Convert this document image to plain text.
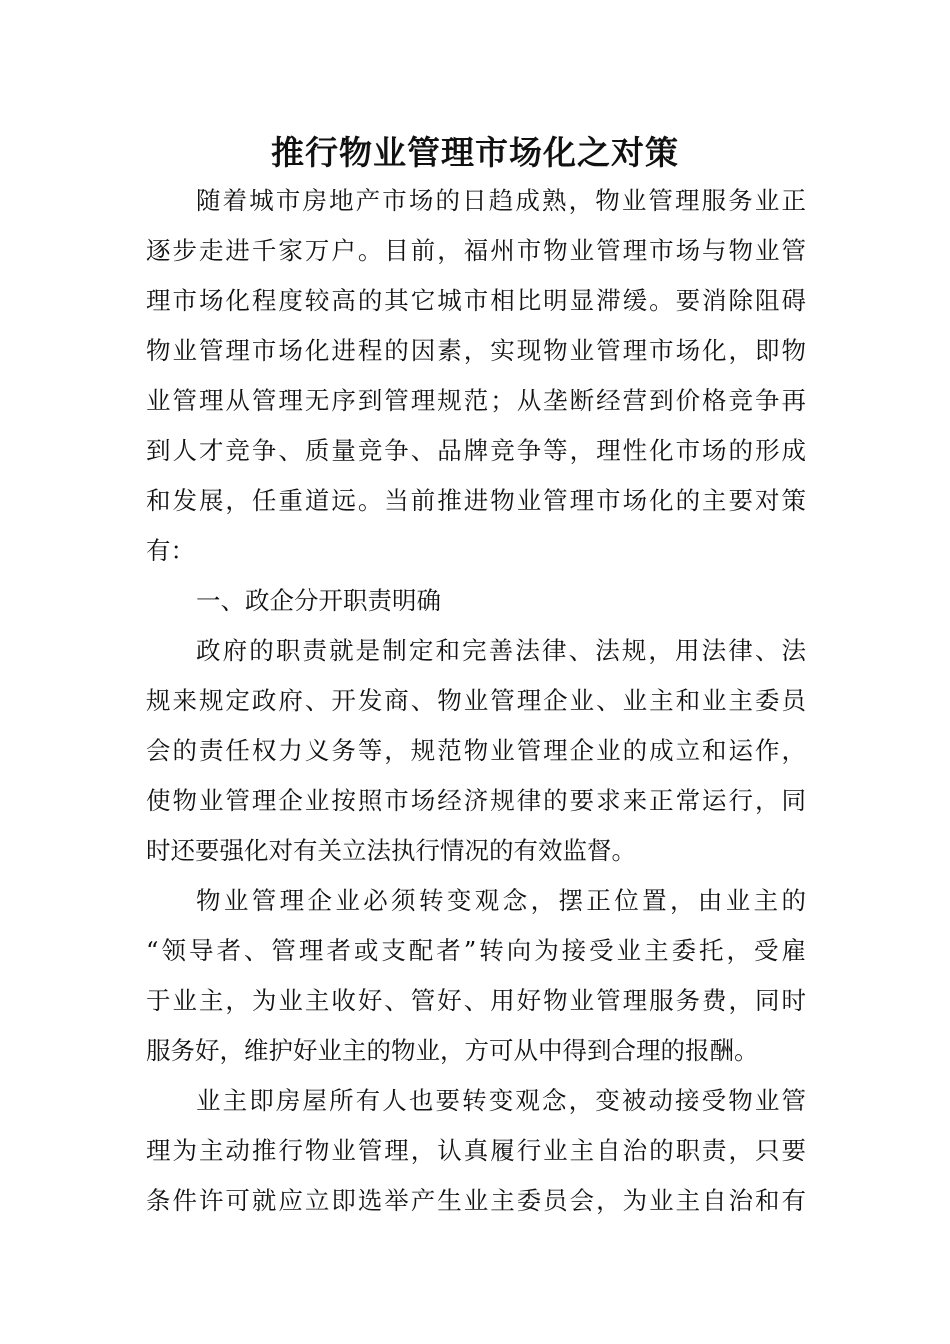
推行物业管理市场化之对策

随着城市房地产市场的日趋成熟，物业管理服务业正

逐步走进千家万户。目前，福州市物业管理市场与物业管

理市场化程度较高的其它城市相比明显滞缓。要消除阻碍

物业管理市场化进程的因素，实现物业管理市场化，即物

业管理从管理无序到管理规范；从垄断经营到价格竞争再

到人才竞争、质量竞争、品牌竞争等，理性化市场的形成

和发展，任重道远。当前推进物业管理市场化的主要对策

有：

一、政企分开职责明确

政府的职责就是制定和完善法律、法规，用法律、法

规来规定政府、开发商、物业管理企业、业主和业主委员

会的责任权力义务等，规范物业管理企业的成立和运作，

使物业管理企业按照市场经济规律的要求来正常运行，同

时还要强化对有关立法执行情况的有效监督。

物业管理企业必须转变观念，摆正位置，由业主的

“领导者、管理者或支配者”转向为接受业主委托，受雇

于业主，为业主收好、管好、用好物业管理服务费，同时

服务好，维护好业主的物业，方可从中得到合理的报酬。

业主即房屋所有人也要转变观念，变被动接受物业管

理为主动推行物业管理，认真履行业主自治的职责，只要

条件许可就应立即选举产生业主委员会，为业主自治和有
